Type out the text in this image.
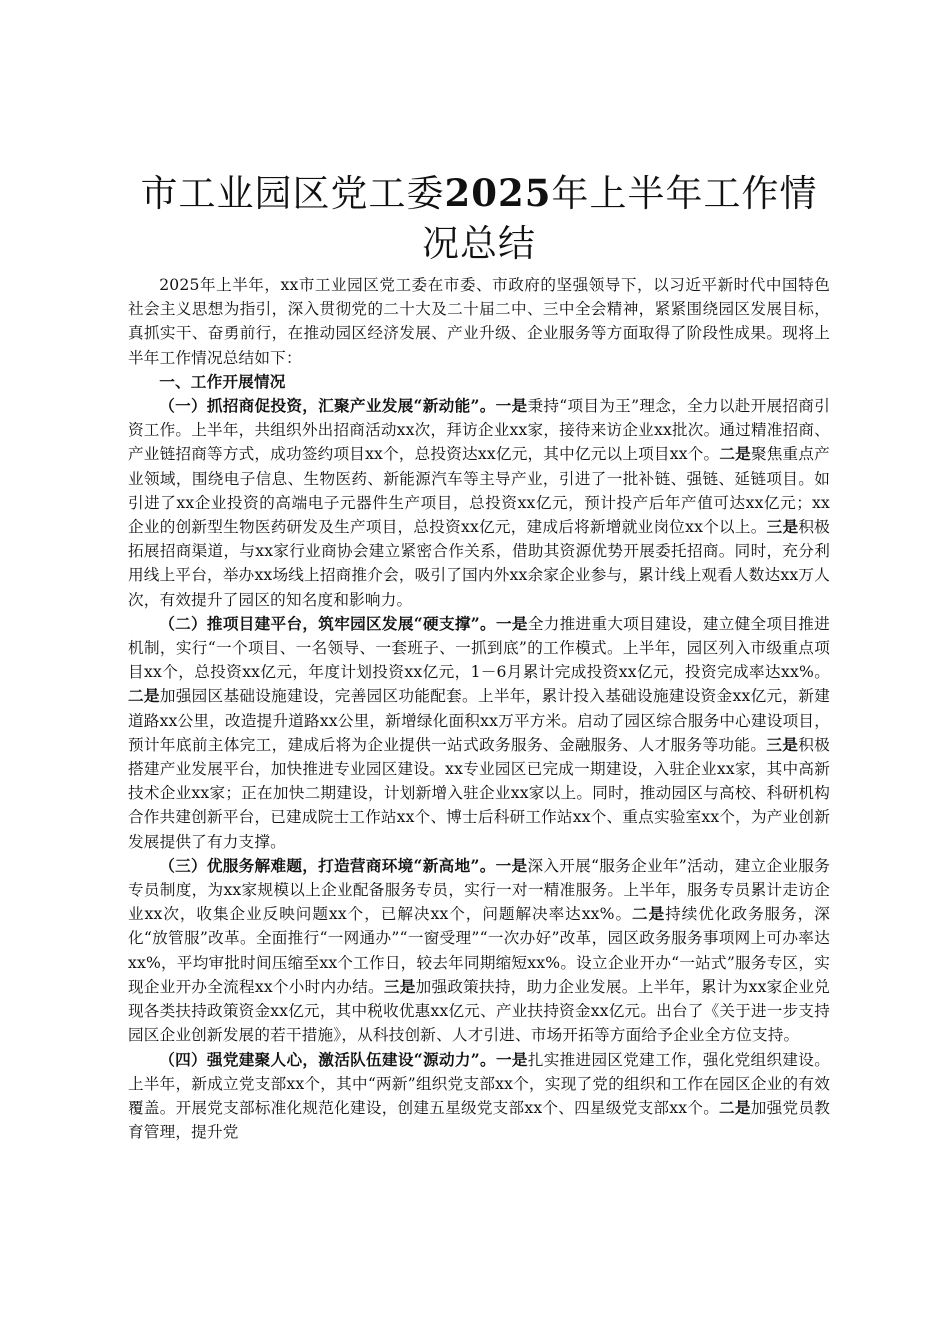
市工业园区党工委2025年上半年工作情况总结

2025年上半年，xx市工业园区党工委在市委、市政府的坚强领导下，以习近平新时代中国特色社会主义思想为指引，深入贯彻党的二十大及二十届二中、三中全会精神，紧紧围绕园区发展目标，真抓实干、奋勇前行，在推动园区经济发展、产业升级、企业服务等方面取得了阶段性成果。现将上半年工作情况总结如下：

一、工作开展情况

（一）抓招商促投资，汇聚产业发展“新动能”。一是秉持“项目为王”理念，全力以赴开展招商引资工作。上半年，共组织外出招商活动xx次，拜访企业xx家，接待来访企业xx批次。通过精准招商、产业链招商等方式，成功签约项目xx个，总投资达xx亿元，其中亿元以上项目xx个。二是聚焦重点产业领域，围绕电子信息、生物医药、新能源汽车等主导产业，引进了一批补链、强链、延链项目。如引进了xx企业投资的高端电子元器件生产项目，总投资xx亿元，预计投产后年产值可达xx亿元；xx企业的创新型生物医药研发及生产项目，总投资xx亿元，建成后将新增就业岗位xx个以上。三是积极拓展招商渠道，与xx家行业商协会建立紧密合作关系，借助其资源优势开展委托招商。同时，充分利用线上平台，举办xx场线上招商推介会，吸引了国内外xx余家企业参与，累计线上观看人数达xx万人次，有效提升了园区的知名度和影响力。

（二）推项目建平台，筑牢园区发展“硬支撑”。一是全力推进重大项目建设，建立健全项目推进机制，实行“一个项目、一名领导、一套班子、一抓到底”的工作模式。上半年，园区列入市级重点项目xx个，总投资xx亿元，年度计划投资xx亿元，1－6月累计完成投资xx亿元，投资完成率达xx%。二是加强园区基础设施建设，完善园区功能配套。上半年，累计投入基础设施建设资金xx亿元，新建道路xx公里，改造提升道路xx公里，新增绿化面积xx万平方米。启动了园区综合服务中心建设项目，预计年底前主体完工，建成后将为企业提供一站式政务服务、金融服务、人才服务等功能。三是积极搭建产业发展平台，加快推进专业园区建设。xx专业园区已完成一期建设，入驻企业xx家，其中高新技术企业xx家；正在加快二期建设，计划新增入驻企业xx家以上。同时，推动园区与高校、科研机构合作共建创新平台，已建成院士工作站xx个、博士后科研工作站xx个、重点实验室xx个，为产业创新发展提供了有力支撑。

（三）优服务解难题，打造营商环境“新高地”。一是深入开展“服务企业年”活动，建立企业服务专员制度，为xx家规模以上企业配备服务专员，实行一对一精准服务。上半年，服务专员累计走访企业xx次，收集企业反映问题xx个，已解决xx个，问题解决率达xx%。二是持续优化政务服务，深化“放管服”改革。全面推行“一网通办”“一窗受理”“一次办好”改革，园区政务服务事项网上可办率达xx%，平均审批时间压缩至xx个工作日，较去年同期缩短xx%。设立企业开办“一站式”服务专区，实现企业开办全流程xx个小时内办结。三是加强政策扶持，助力企业发展。上半年，累计为xx家企业兑现各类扶持政策资金xx亿元，其中税收优惠xx亿元、产业扶持资金xx亿元。出台了《关于进一步支持园区企业创新发展的若干措施》，从科技创新、人才引进、市场开拓等方面给予企业全方位支持。

（四）强党建聚人心，激活队伍建设“源动力”。一是扎实推进园区党建工作，强化党组织建设。上半年，新成立党支部xx个，其中“两新”组织党支部xx个，实现了党的组织和工作在园区企业的有效覆盖。开展党支部标准化规范化建设，创建五星级党支部xx个、四星级党支部xx个。二是加强党员教育管理，提升党
